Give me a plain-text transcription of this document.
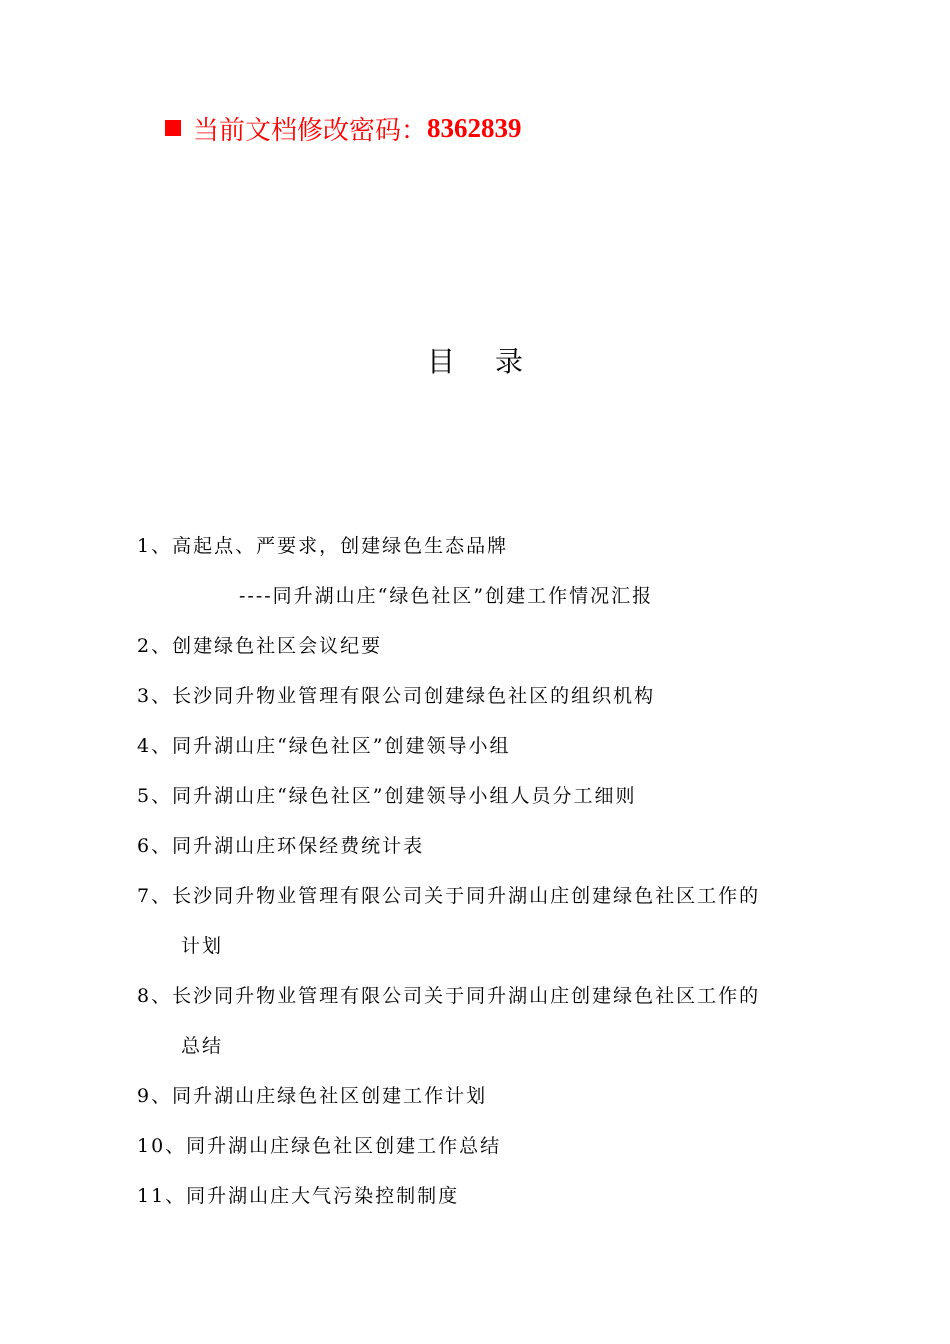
当前文档修改密码： 8362839
目录
1、高起点、严要求，创建绿色生态品牌
----同升湖山庄“绿色社区”创建工作情况汇报
2、创建绿色社区会议纪要
3、长沙同升物业管理有限公司创建绿色社区的组织机构
4、同升湖山庄“绿色社区”创建领导小组
5、同升湖山庄“绿色社区”创建领导小组人员分工细则
6、同升湖山庄环保经费统计表
7、长沙同升物业管理有限公司关于同升湖山庄创建绿色社区工作的
计划
8、长沙同升物业管理有限公司关于同升湖山庄创建绿色社区工作的
总结
9、同升湖山庄绿色社区创建工作计划
10、同升湖山庄绿色社区创建工作总结
11、同升湖山庄大气污染控制制度
